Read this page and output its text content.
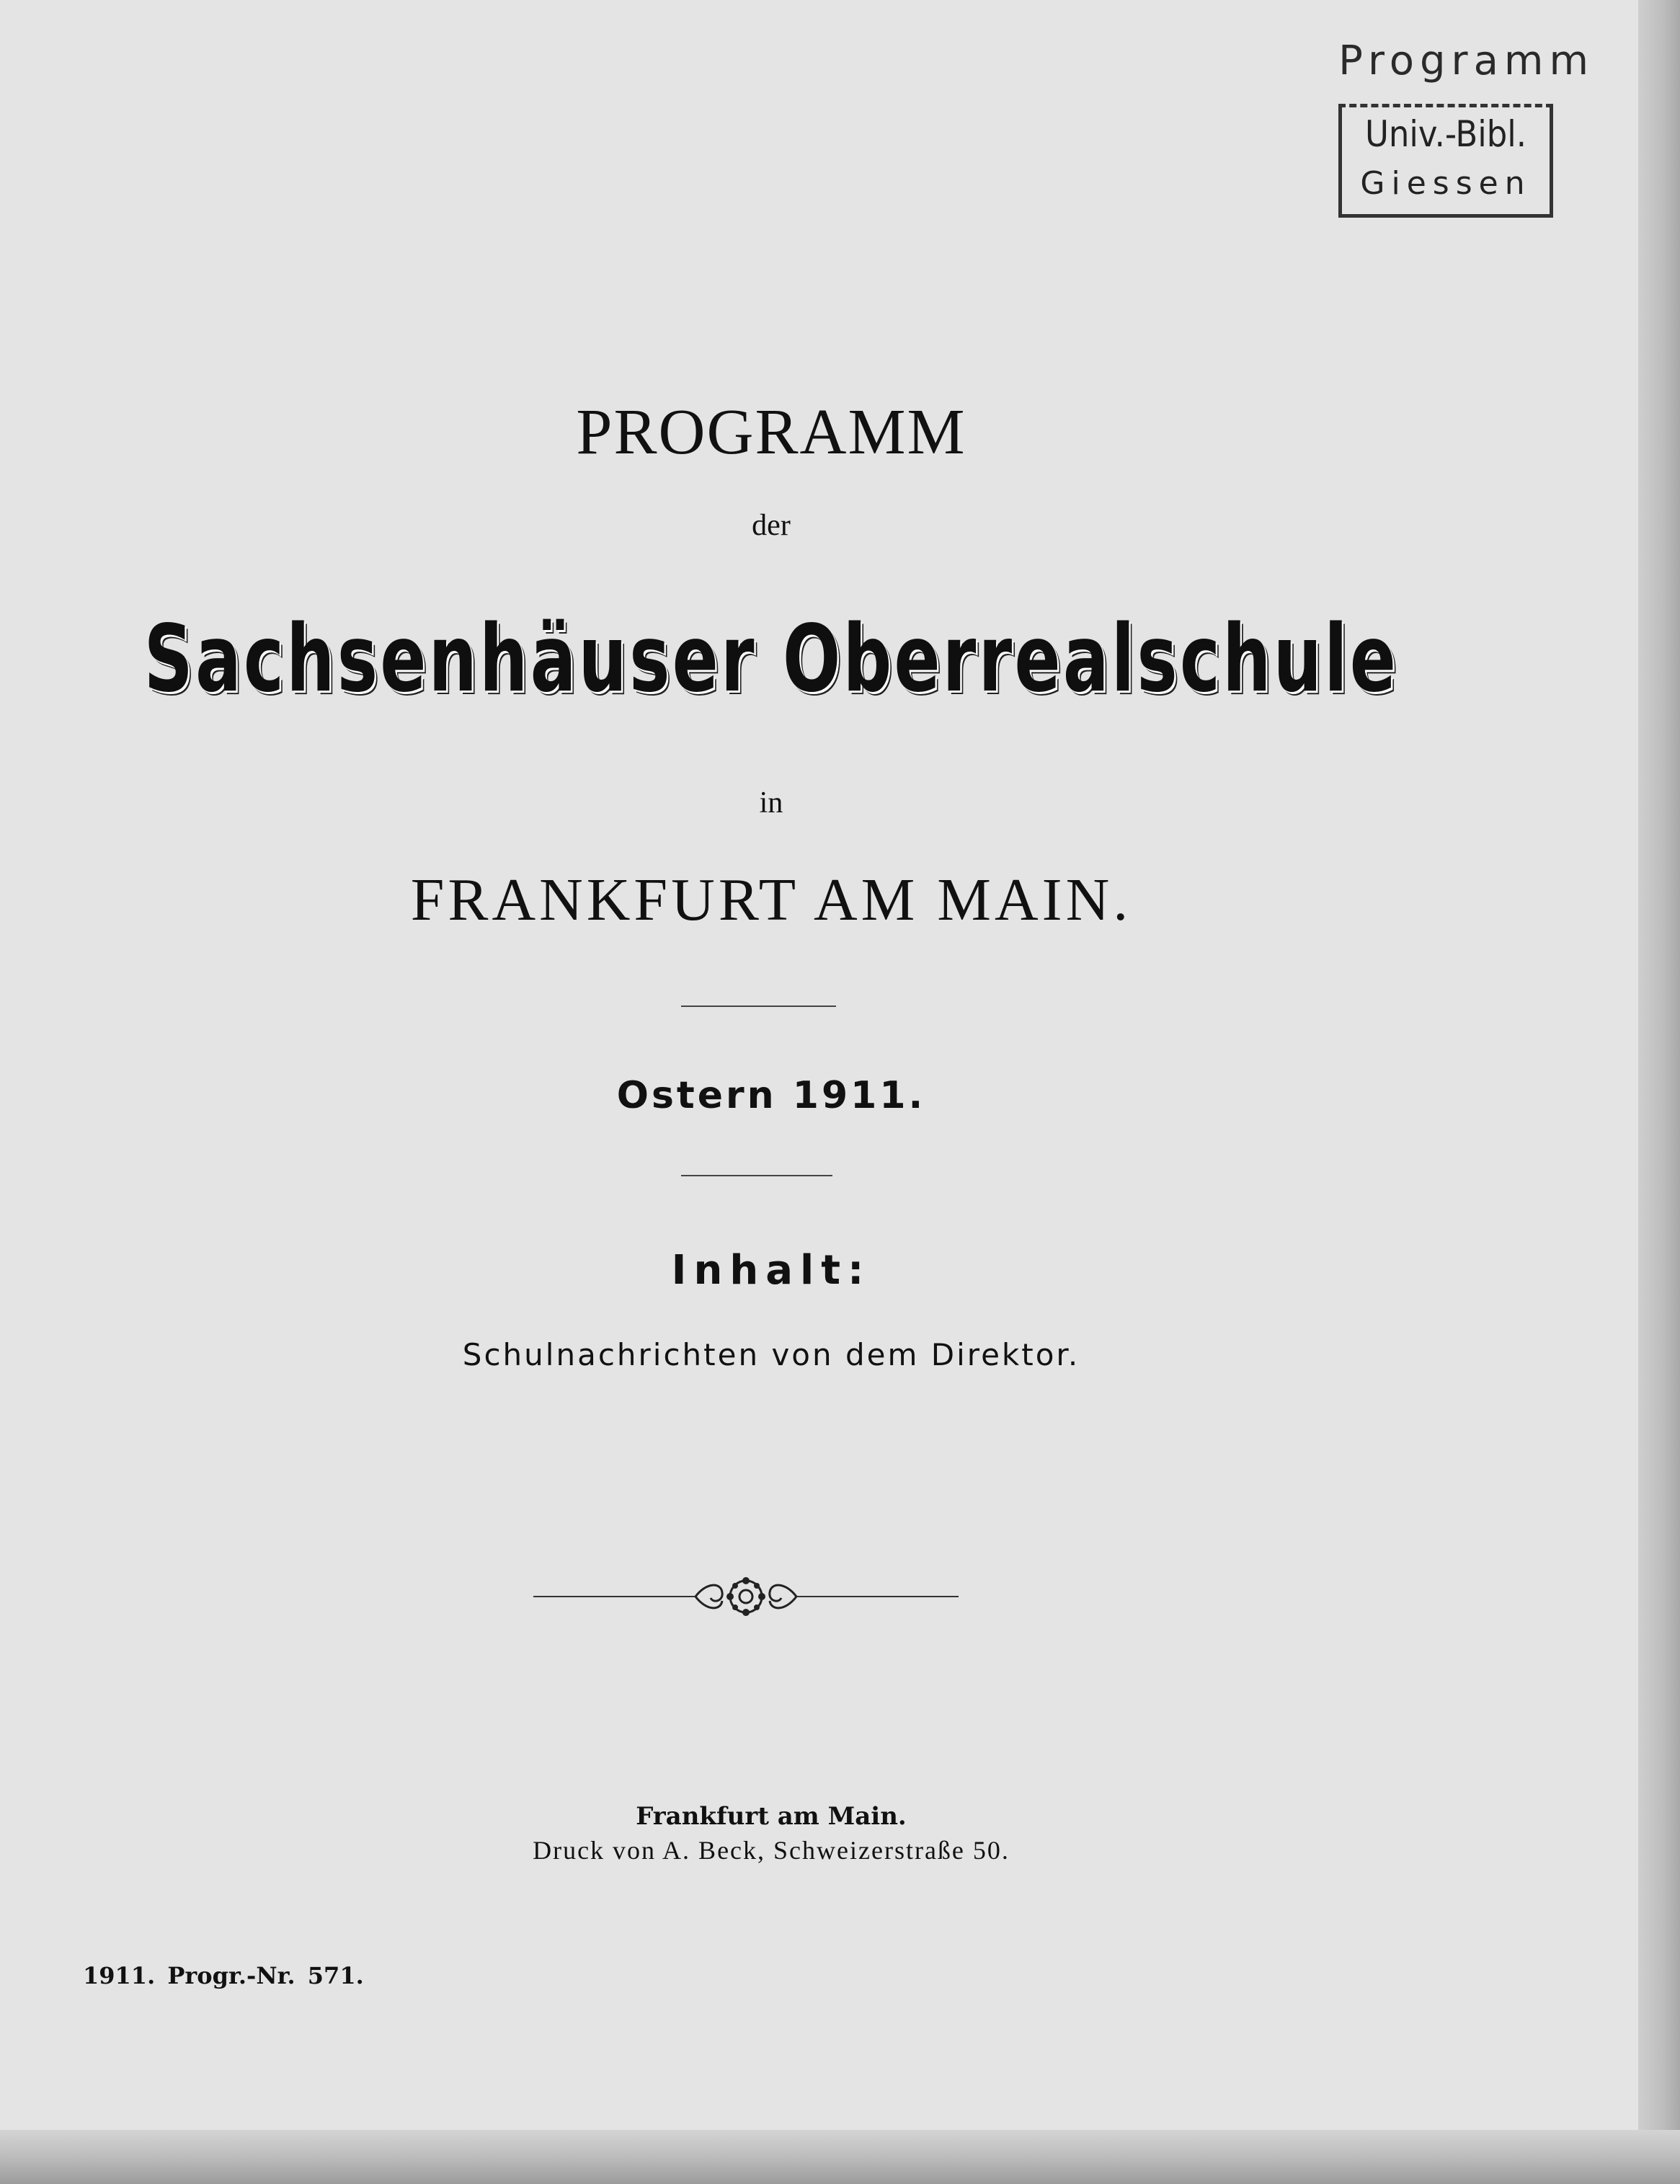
Programm
Univ.-Bibl.
Giessen
PROGRAMM
der
Sachsenhäuser Oberrealschule
in
FRANKFURT AM MAIN.
Ostern 1911.
Inhalt:
Schulnachrichten von dem Direktor.
Frankfurt am Main.
Druck von A. Beck, Schweizerstraße 50.
1911. Progr.-Nr. 571.
